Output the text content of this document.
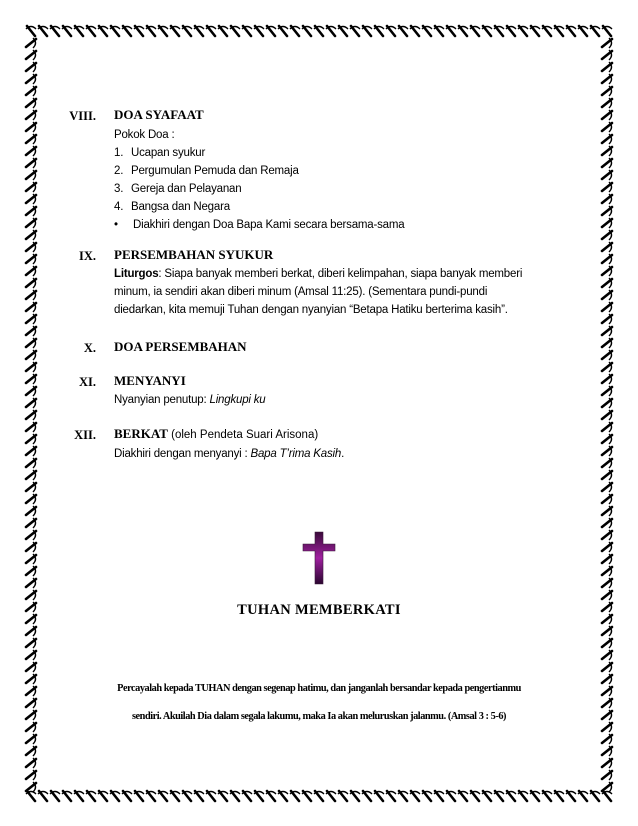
VIII. DOA SYAFAAT
Pokok Doa :
1. Ucapan syukur
2. Pergumulan Pemuda dan Remaja
3. Gereja dan Pelayanan
4. Bangsa dan Negara
• Diakhiri dengan Doa Bapa Kami secara bersama-sama
IX. PERSEMBAHAN SYUKUR
Liturgos: Siapa banyak memberi berkat, diberi kelimpahan, siapa banyak memberi
minum, ia sendiri akan diberi minum (Amsal 11:25). (Sementara pundi-pundi
diedarkan, kita memuji Tuhan dengan nyanyian “Betapa Hatiku berterima kasih”.
X. DOA PERSEMBAHAN
XI. MENYANYI
Nyanyian penutup: Lingkupi ku
XII. BERKAT (oleh Pendeta Suari Arisona)
Diakhiri dengan menyanyi : Bapa T’rima Kasih.
TUHAN MEMBERKATI
Percayalah kepada TUHAN dengan segenap hatimu, dan janganlah bersandar kepada pengertianmu
sendiri. Akuilah Dia dalam segala lakumu, maka Ia akan meluruskan jalanmu. (Amsal 3 : 5-6)
